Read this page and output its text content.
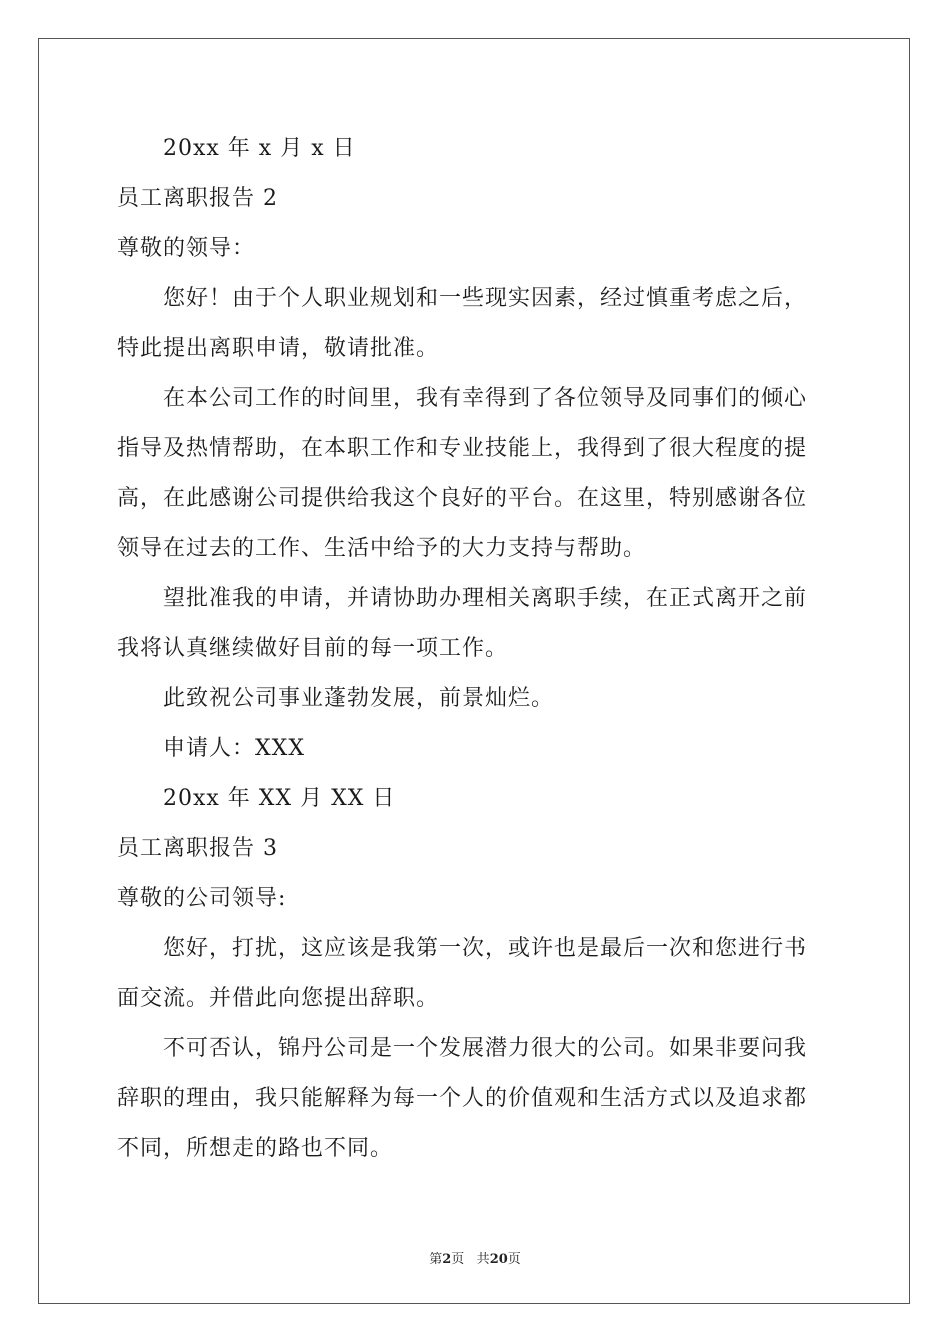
20xx 年 x 月 x 日
员工离职报告 2
尊敬的领导：
您好！由于个人职业规划和一些现实因素，经过慎重考虑之后，
特此提出离职申请，敬请批准。
在本公司工作的时间里，我有幸得到了各位领导及同事们的倾心
指导及热情帮助，在本职工作和专业技能上，我得到了很大程度的提
高，在此感谢公司提供给我这个良好的平台。在这里，特别感谢各位
领导在过去的工作、生活中给予的大力支持与帮助。
望批准我的申请，并请协助办理相关离职手续，在正式离开之前
我将认真继续做好目前的每一项工作。
此致祝公司事业蓬勃发展，前景灿烂。
申请人：XXX
20xx 年 XX 月 XX 日
员工离职报告 3
尊敬的公司领导:
您好，打扰，这应该是我第一次，或许也是最后一次和您进行书
面交流。并借此向您提出辞职。
不可否认，锦丹公司是一个发展潜力很大的公司。如果非要问我
辞职的理由，我只能解释为每一个人的价值观和生活方式以及追求都
不同，所想走的路也不同。
第2页 共20页
